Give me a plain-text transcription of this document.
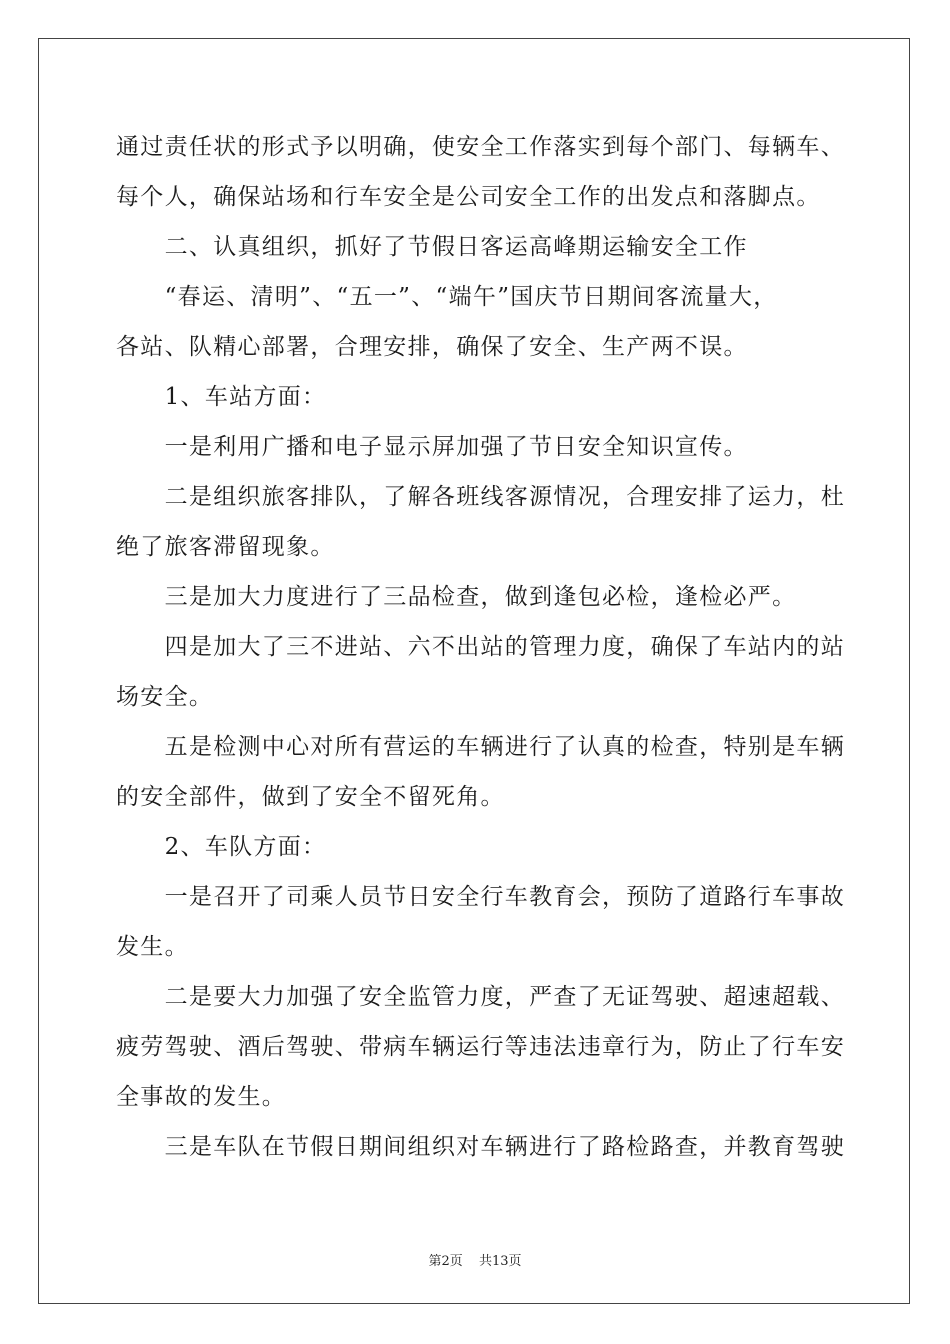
通过责任状的形式予以明确，使安全工作落实到每个部门、每辆车、

每个人，确保站场和行车安全是公司安全工作的出发点和落脚点。

　　二、认真组织，抓好了节假日客运高峰期运输安全工作

　　“春运、清明”、“五一”、“端午”国庆节日期间客流量大，

各站、队精心部署，合理安排，确保了安全、生产两不误。

　　1、车站方面：

　　一是利用广播和电子显示屏加强了节日安全知识宣传。

　　二是组织旅客排队，了解各班线客源情况，合理安排了运力，杜

绝了旅客滞留现象。

　　三是加大力度进行了三品检查，做到逢包必检，逢检必严。

　　四是加大了三不进站、六不出站的管理力度，确保了车站内的站

场安全。

　　五是检测中心对所有营运的车辆进行了认真的检查，特别是车辆

的安全部件，做到了安全不留死角。

　　2、车队方面：

　　一是召开了司乘人员节日安全行车教育会，预防了道路行车事故

发生。

　　二是要大力加强了安全监管力度，严查了无证驾驶、超速超载、

疲劳驾驶、酒后驾驶、带病车辆运行等违法违章行为，防止了行车安

全事故的发生。

　　三是车队在节假日期间组织对车辆进行了路检路查，并教育驾驶

第2页 共13页
